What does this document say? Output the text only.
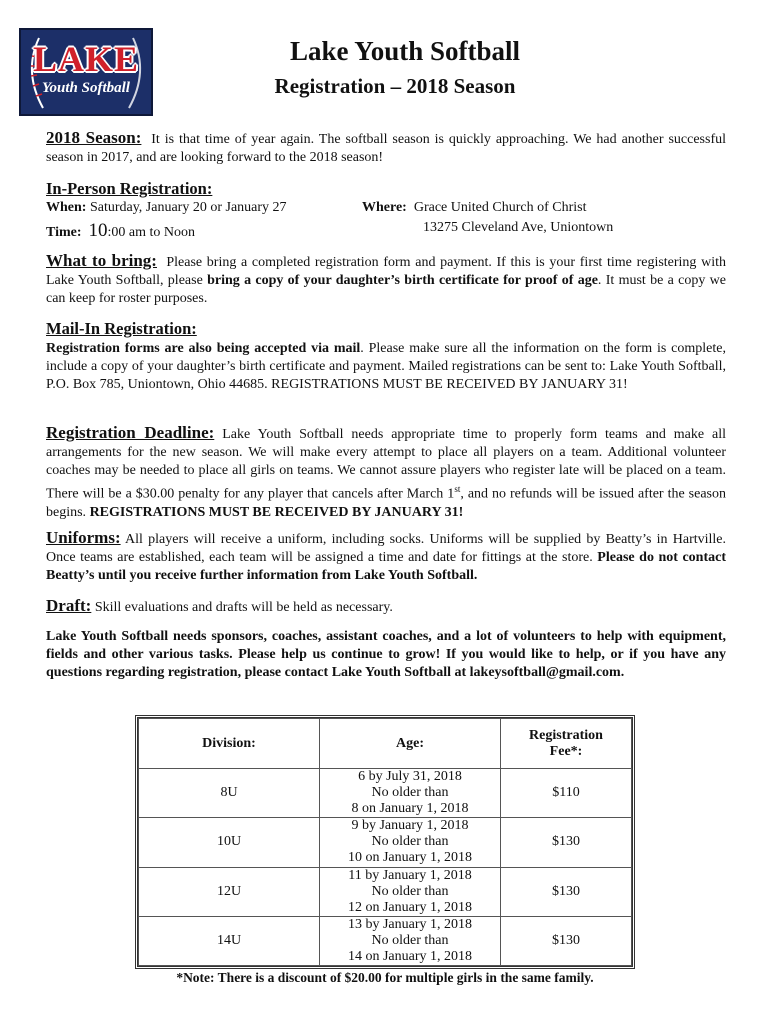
LAKE
Youth Softball
Lake Youth Softball
Registration – 2018 Season
2018 Season: It is that time of year again. The softball season is quickly approaching. We had another successful season in 2017, and are looking forward to the 2018 season!
In-Person Registration:
When: Saturday, January 20 or January 27
Time: 10:00 am to Noon
Where: Grace United Church of Christ
13275 Cleveland Ave, Uniontown
What to bring: Please bring a completed registration form and payment. If this is your first time registering with Lake Youth Softball, please bring a copy of your daughter’s birth certificate for proof of age. It must be a copy we can keep for roster purposes.
Mail-In Registration:
Registration forms are also being accepted via mail. Please make sure all the information on the form is complete, include a copy of your daughter’s birth certificate and payment. Mailed registrations can be sent to: Lake Youth Softball, P.O. Box 785, Uniontown, Ohio 44685. REGISTRATIONS MUST BE RECEIVED BY JANUARY 31!
Registration Deadline: Lake Youth Softball needs appropriate time to properly form teams and make all arrangements for the new season. We will make every attempt to place all players on a team. Additional volunteer coaches may be needed to place all girls on teams. We cannot assure players who register late will be placed on a team. There will be a $30.00 penalty for any player that cancels after March 1st, and no refunds will be issued after the season begins. REGISTRATIONS MUST BE RECEIVED BY JANUARY 31!
Uniforms: All players will receive a uniform, including socks. Uniforms will be supplied by Beatty’s in Hartville. Once teams are established, each team will be assigned a time and date for fittings at the store. Please do not contact Beatty’s until you receive further information from Lake Youth Softball.
Draft: Skill evaluations and drafts will be held as necessary.
Lake Youth Softball needs sponsors, coaches, assistant coaches, and a lot of volunteers to help with equipment, fields and other various tasks. Please help us continue to grow! If you would like to help, or if you have any questions regarding registration, please contact Lake Youth Softball at lakeysoftball@gmail.com.
Division:	Age:	Registration Fee*:
8U	6 by July 31, 2018
No older than
8 on January 1, 2018	$110
10U	9 by January 1, 2018
No older than
10 on January 1, 2018	$130
12U	11 by January 1, 2018
No older than
12 on January 1, 2018	$130
14U	13 by January 1, 2018
No older than
14 on January 1, 2018	$130
*Note: There is a discount of $20.00 for multiple girls in the same family.
